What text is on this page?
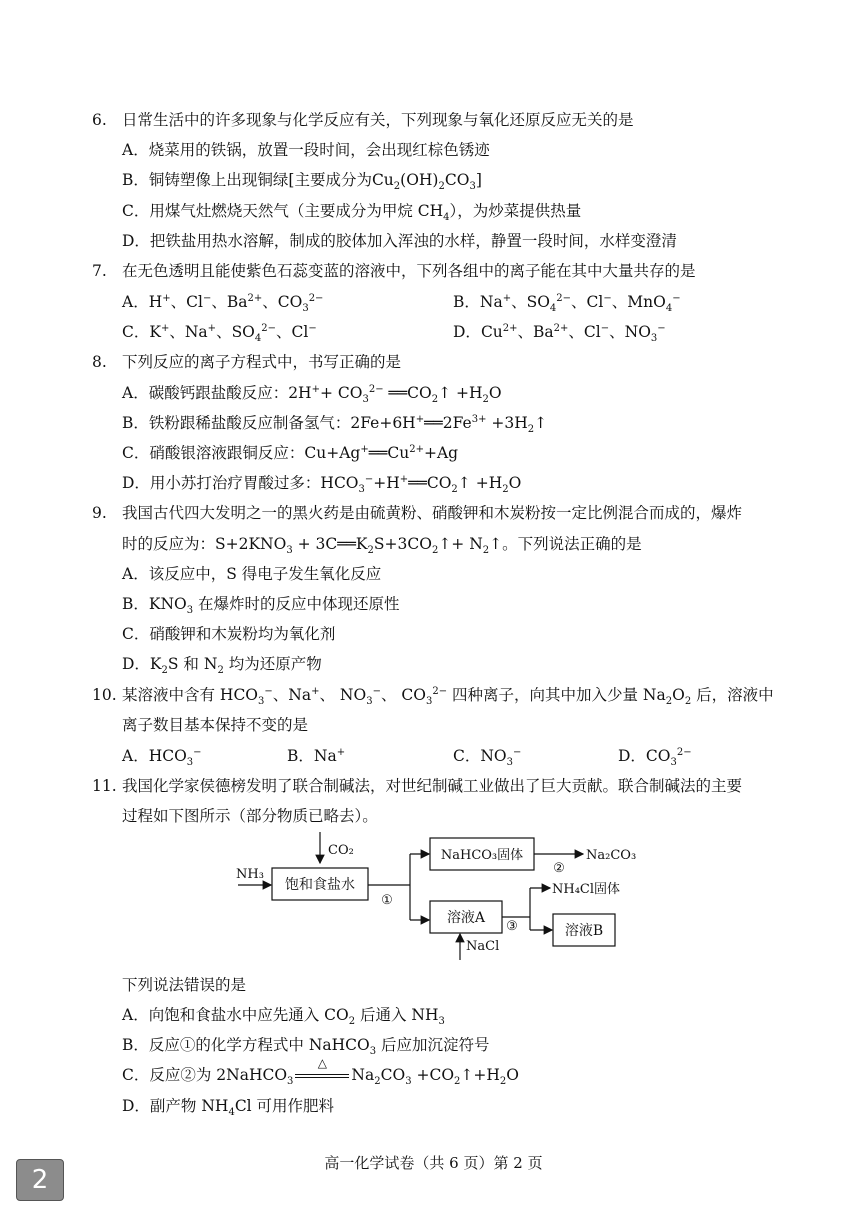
6. 日常生活中的许多现象与化学反应有关，下列现象与氧化还原反应无关的是
A．烧菜用的铁锅，放置一段时间，会出现红棕色锈迹
B．铜铸塑像上出现铜绿[主要成分为$Cu_2(OH)_2CO_3$]
C．用煤气灶燃烧天然气（主要成分为甲烷 $CH_4$），为炒菜提供热量
D．把铁盐用热水溶解，制成的胶体加入浑浊的水样，静置一段时间，水样变澄清
7. 在无色透明且能使紫色石蕊变蓝的溶液中，下列各组中的离子能在其中大量共存的是
A．H+、Cl−、$Ba^{2+}$、$CO_3^{2-}$	B．Na+、$SO_4^{2-}$、Cl−、MnO$_4$−
C．K+、Na+、$SO_4^{2-}$、Cl−	D．$Cu^{2+}$、$Ba^{2+}$、Cl−、$NO_3^-$
8. 下列反应的离子方程式中，书写正确的是
A．碳酸钙跟盐酸反应：$2H^++ CO_3^{2-}$ $══CO_2↑ +H_2O$
B．铁粉跟稀盐酸反应制备氢气：$2Fe+6H^+══2Fe^{3+}$ $+3H_2↑$
C．硝酸银溶液跟铜反应：$Cu+Ag^+══Cu^{2+}+Ag$
D．用小苏打治疗胃酸过多：$HCO_3^-+H^+══CO_2↑ +H_2O$
9. 我国古代四大发明之一的黑火药是由硫黄粉、硝酸钾和木炭粉按一定比例混合而成的，爆炸
时的反应为：$S+2KNO_3$ + $3C══K_2S+3CO_2↑+$ $N_2↑$。下列说法正确的是
A．该反应中，S 得电子发生氧化反应
B．$KNO_3$ 在爆炸时的反应中体现还原性
C．硝酸钾和木炭粉均为氧化剂
D．$K_2S$ 和 $N_2$ 均为还原产物
10. 某溶液中含有 $HCO_3^-$、Na+、 $NO_3^-$、 $CO_3^{2-}$ 四种离子，向其中加入少量 $Na_2O_2$ 后，溶液中
离子数目基本保持不变的是
A．$HCO_3^-$	B．Na+	C．$NO_3^-$	D．$CO_3^{2-}$
11. 我国化学家侯德榜发明了联合制碱法，对世纪制碱工业做出了巨大贡献。联合制碱法的主要
过程如下图所示（部分物质已略去）。
CO₂
NH₃
饱和食盐水
①
NaHCO₃固体
②
Na₂CO₃
溶液A
NaCl
③
NH₄Cl固体
溶液B
下列说法错误的是
A．向饱和食盐水中应先通入 $CO_2$ 后通入 $NH_3$
B．反应①的化学方程式中 NaHCO$_3$ 后应加沉淀符号
C．反应②为 2NaHCO$_3$
△
$Na_2CO_3$ $+CO_2↑+H_2O$
D．副产物 $NH_4Cl$ 可用作肥料
高一化学试卷（共 6 页）第 2 页
2
